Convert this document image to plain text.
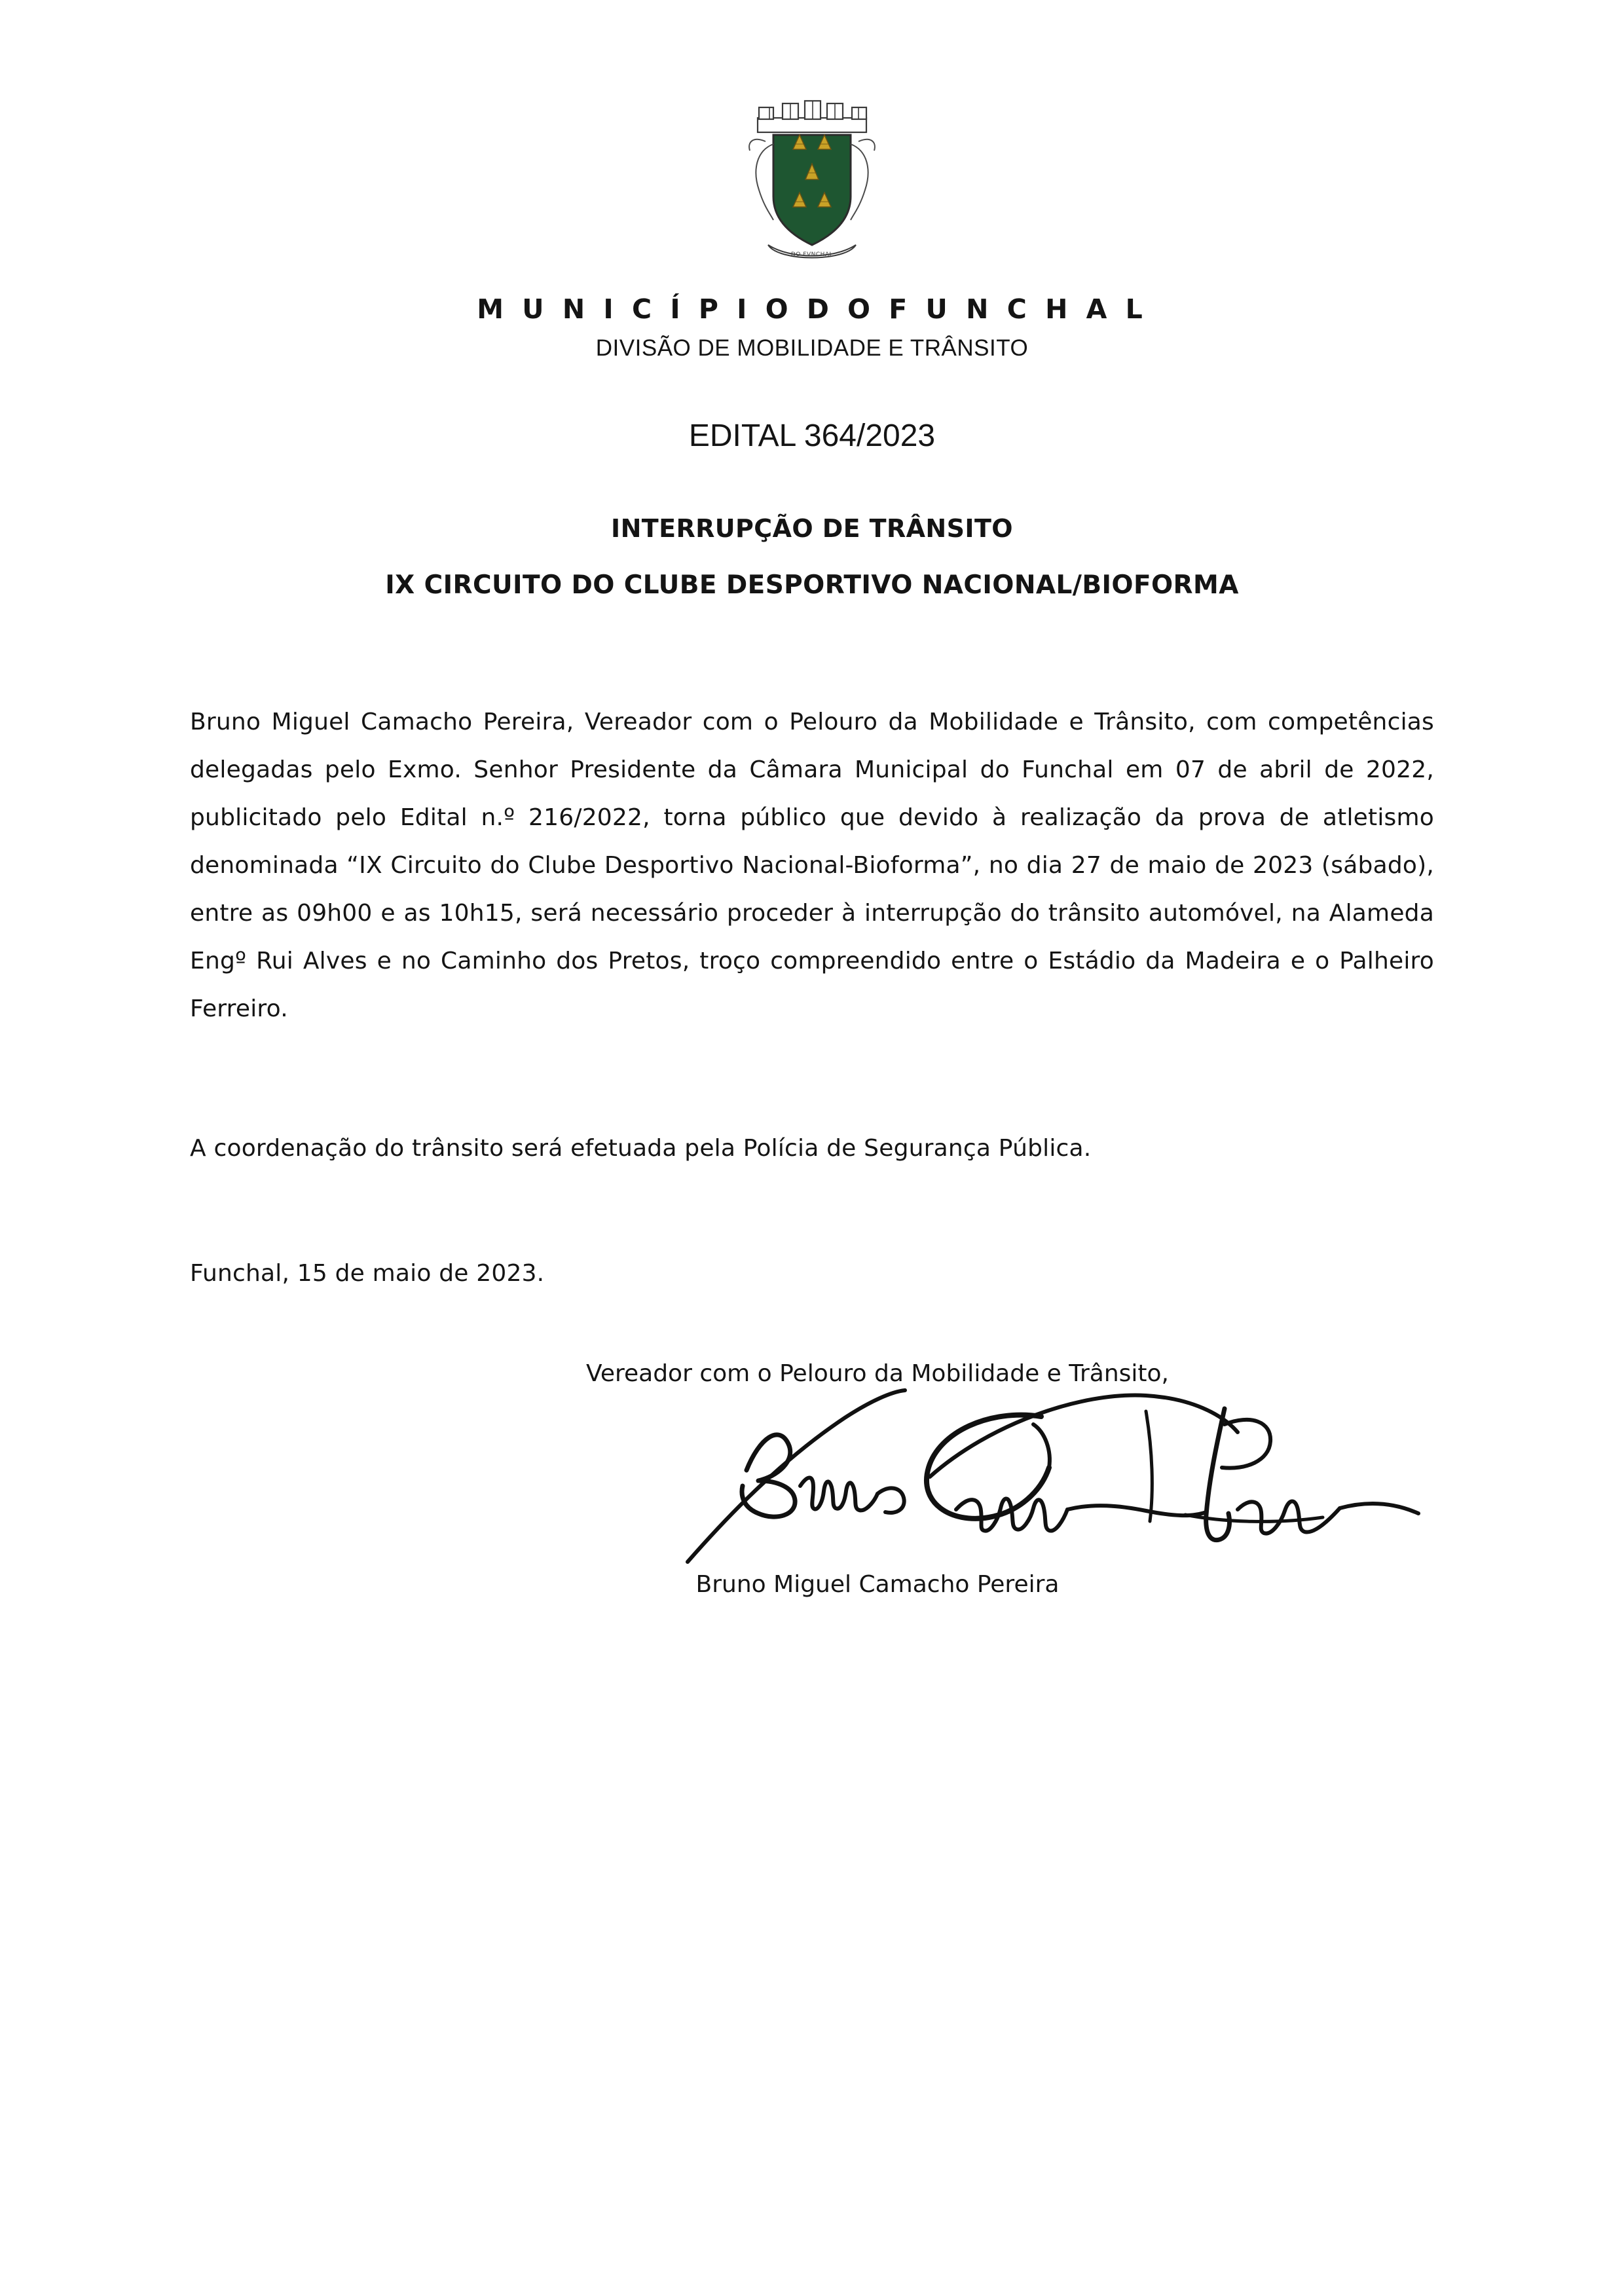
DO FVNCHAL
M U N I C Í P I O D O F U N C H A L
DIVISÃO DE MOBILIDADE E TRÂNSITO
EDITAL 364/2023
INTERRUPÇÃO DE TRÂNSITO
IX CIRCUITO DO CLUBE DESPORTIVO NACIONAL/BIOFORMA
Bruno Miguel Camacho Pereira, Vereador com o Pelouro da Mobilidade e Trânsito, com competências delegadas pelo Exmo. Senhor Presidente da Câmara Municipal do Funchal em 07 de abril de 2022, publicitado pelo Edital n.º 216/2022, torna público que devido à realização da prova de atletismo denominada “IX Circuito do Clube Desportivo Nacional-Bioforma”, no dia 27 de maio de 2023 (sábado), entre as 09h00 e as 10h15, será necessário proceder à interrupção do trânsito automóvel, na Alameda Engº Rui Alves e no Caminho dos Pretos, troço compreendido entre o Estádio da Madeira e o Palheiro Ferreiro.
A coordenação do trânsito será efetuada pela Polícia de Segurança Pública.
Funchal, 15 de maio de 2023.
Vereador com o Pelouro da Mobilidade e Trânsito,
Bruno Miguel Camacho Pereira
